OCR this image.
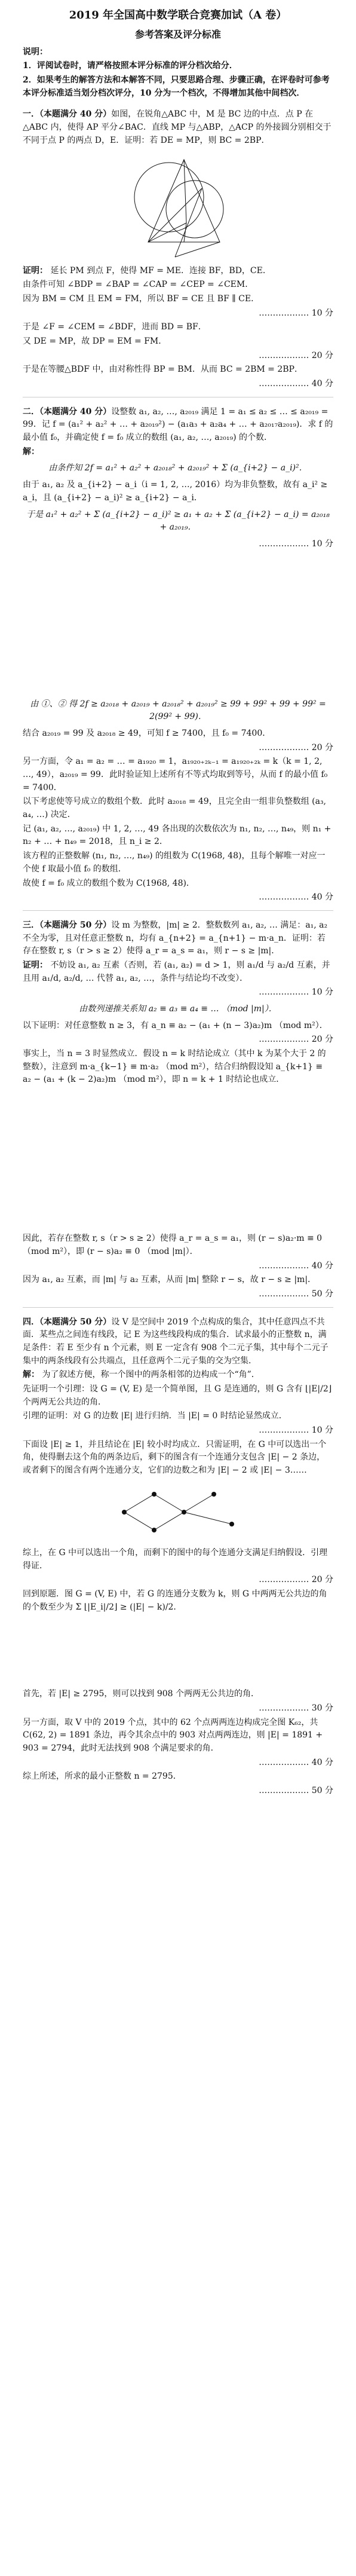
2019 年全国高中数学联合竞赛加试（A 卷）
参考答案及评分标准
说明：

1．评阅试卷时，请严格按照本评分标准的评分档次给分．

2．如果考生的解答方法和本解答不同，只要思路合理、步骤正确，在评卷时可参考本评分标准适当划分档次评分，10 分为一个档次，不得增加其他中间档次．

一．（本题满分 40 分）如图，在锐角△ABC 中，M 是 BC 边的中点．点 P 在△ABC 内，使得 AP 平分∠BAC．直线 MP 与△ABP，△ACP 的外接圆分别相交于不同于点 P 的两点 D，E．证明：若 DE = MP，则 BC = 2BP．

证明： 延长 PM 到点 F，使得 MF = ME．连接 BF，BD，CE．

由条件可知 ∠BDP = ∠BAP = ∠CAP = ∠CEP = ∠CEM．

因为 BM = CM 且 EM = FM，所以 BF = CE 且 BF ∥ CE．

……………… 10 分

于是 ∠F = ∠CEM = ∠BDF，进而 BD = BF．

又 DE = MP，故 DP = EM = FM．

……………… 20 分

于是在等腰△BDF 中，由对称性得 BP = BM．从而 BC = 2BM = 2BP．

……………… 40 分

二．（本题满分 40 分）设整数 a₁, a₂, …, a₂₀₁₉ 满足 1 = a₁ ≤ a₂ ≤ … ≤ a₂₀₁₉ = 99．记 f = (a₁² + a₂² + … + a₂₀₁₉²) − (a₁a₃ + a₂a₄ + … + a₂₀₁₇a₂₀₁₉)．求 f 的最小值 f₀，并确定使 f = f₀ 成立的数组 (a₁, a₂, …, a₂₀₁₉) 的个数．

解：

由条件知 2f = a₁² + a₂² + a₂₀₁₈² + a₂₀₁₉² + Σ (a_{i+2} − a_i)²．

由于 a₁, a₂ 及 a_{i+2} − a_i（i = 1, 2, …, 2016）均为非负整数，故有 a_i² ≥ a_i，且 (a_{i+2} − a_i)² ≥ a_{i+2} − a_i．

于是 a₁² + a₂² + Σ (a_{i+2} − a_i)² ≥ a₁ + a₂ + Σ (a_{i+2} − a_i) = a₂₀₁₈ + a₂₀₁₉．

……………… 10 分

由 ①、② 得 2f ≥ a₂₀₁₈ + a₂₀₁₉ + a₂₀₁₈² + a₂₀₁₉² ≥ 99 + 99² + 99 + 99² = 2(99² + 99)．

结合 a₂₀₁₉ = 99 及 a₂₀₁₈ ≥ 49，可知 f ≥ 7400，且 f₀ = 7400．

……………… 20 分

另一方面，令 a₁ = a₂ = … = a₁₉₂₀ = 1，a₁₉₂₀₊₂ₖ₋₁ = a₁₉₂₀₊₂ₖ = k（k = 1, 2, …, 49），a₂₀₁₉ = 99．此时验证知上述所有不等式均取到等号，从而 f 的最小值 f₀ = 7400．

以下考虑使等号成立的数组个数．此时 a₂₀₁₈ = 49，且完全由一组非负整数组 (a₃, a₄, …) 决定．

记 (a₁, a₂, …, a₂₀₁₉) 中 1, 2, …, 49 各出现的次数依次为 n₁, n₂, …, n₄₉，则 n₁ + n₂ + … + n₄₉ = 2018，且 n_i ≥ 2．

该方程的正整数解 (n₁, n₂, …, n₄₉) 的组数为 C(1968, 48)，且每个解唯一对应一个使 f 取最小值 f₀ 的数组．

故使 f = f₀ 成立的数组个数为 C(1968, 48)．

……………… 40 分

三．（本题满分 50 分）设 m 为整数，|m| ≥ 2．整数数列 a₁, a₂, … 满足：a₁, a₂ 不全为零，且对任意正整数 n，均有 a_{n+2} = a_{n+1} − m·a_n．证明：若存在整数 r, s（r > s ≥ 2）使得 a_r = a_s = a₁，则 r − s ≥ |m|．

证明： 不妨设 a₁, a₂ 互素（否则，若 (a₁, a₂) = d > 1，则 a₁/d 与 a₂/d 互素，并且用 a₁/d, a₂/d, … 代替 a₁, a₂, …，条件与结论均不改变）．

……………… 10 分

由数列递推关系知 a₂ ≡ a₃ ≡ a₄ ≡ … （mod |m|）．

以下证明：对任意整数 n ≥ 3，有 a_n ≡ a₂ − (a₁ + (n − 3)a₂)m （mod m²）．

……………… 20 分

事实上，当 n = 3 时显然成立．假设 n = k 时结论成立（其中 k 为某个大于 2 的整数），注意到 m·a_{k−1} ≡ m·a₂ （mod m²），结合归纳假设知 a_{k+1} ≡ a₂ − (a₁ + (k − 2)a₂)m （mod m²），即 n = k + 1 时结论也成立．

因此，若存在整数 r, s（r > s ≥ 2）使得 a_r = a_s = a₁，则 (r − s)a₂·m ≡ 0 （mod m²），即 (r − s)a₂ ≡ 0 （mod |m|）．

……………… 40 分

因为 a₁, a₂ 互素，而 |m| 与 a₂ 互素，从而 |m| 整除 r − s，故 r − s ≥ |m|．

……………… 50 分

四．（本题满分 50 分）设 V 是空间中 2019 个点构成的集合，其中任意四点不共面．某些点之间连有线段，记 E 为这些线段构成的集合．试求最小的正整数 n，满足条件：若 E 至少有 n 个元素，则 E 一定含有 908 个二元子集，其中每个二元子集中的两条线段有公共端点，且任意两个二元子集的交为空集．

解： 为了叙述方便，称一个图中的两条相邻的边构成一个“角”．

先证明一个引理：设 G = (V, E) 是一个简单图，且 G 是连通的，则 G 含有 ⌊|E|/2⌋ 个两两无公共边的角．

引理的证明：对 G 的边数 |E| 进行归纳．当 |E| = 0 时结论显然成立．

……………… 10 分

下面设 |E| ≥ 1，并且结论在 |E| 较小时均成立．只需证明，在 G 中可以选出一个角，使得删去这个角的两条边后，剩下的图含有一个连通分支包含 |E| − 2 条边，或者剩下的图含有两个连通分支，它们的边数之和为 |E| − 2 或 |E| − 3……

综上，在 G 中可以选出一个角，而剩下的图中的每个连通分支满足归纳假设．引理得证．

……………… 20 分

回到原题．图 G = (V, E) 中，若 G 的连通分支数为 k，则 G 中两两无公共边的角的个数至少为 Σ ⌊|E_i|/2⌋ ≥ (|E| − k)/2．

首先，若 |E| ≥ 2795，则可以找到 908 个两两无公共边的角．

……………… 30 分

另一方面，取 V 中的 2019 个点，其中的 62 个点两两连边构成完全图 K₆₂，共 C(62, 2) = 1891 条边，再令其余点中的 903 对点两两连边，则 |E| = 1891 + 903 = 2794，此时无法找到 908 个满足要求的角．

……………… 40 分

综上所述，所求的最小正整数 n = 2795．

……………… 50 分
